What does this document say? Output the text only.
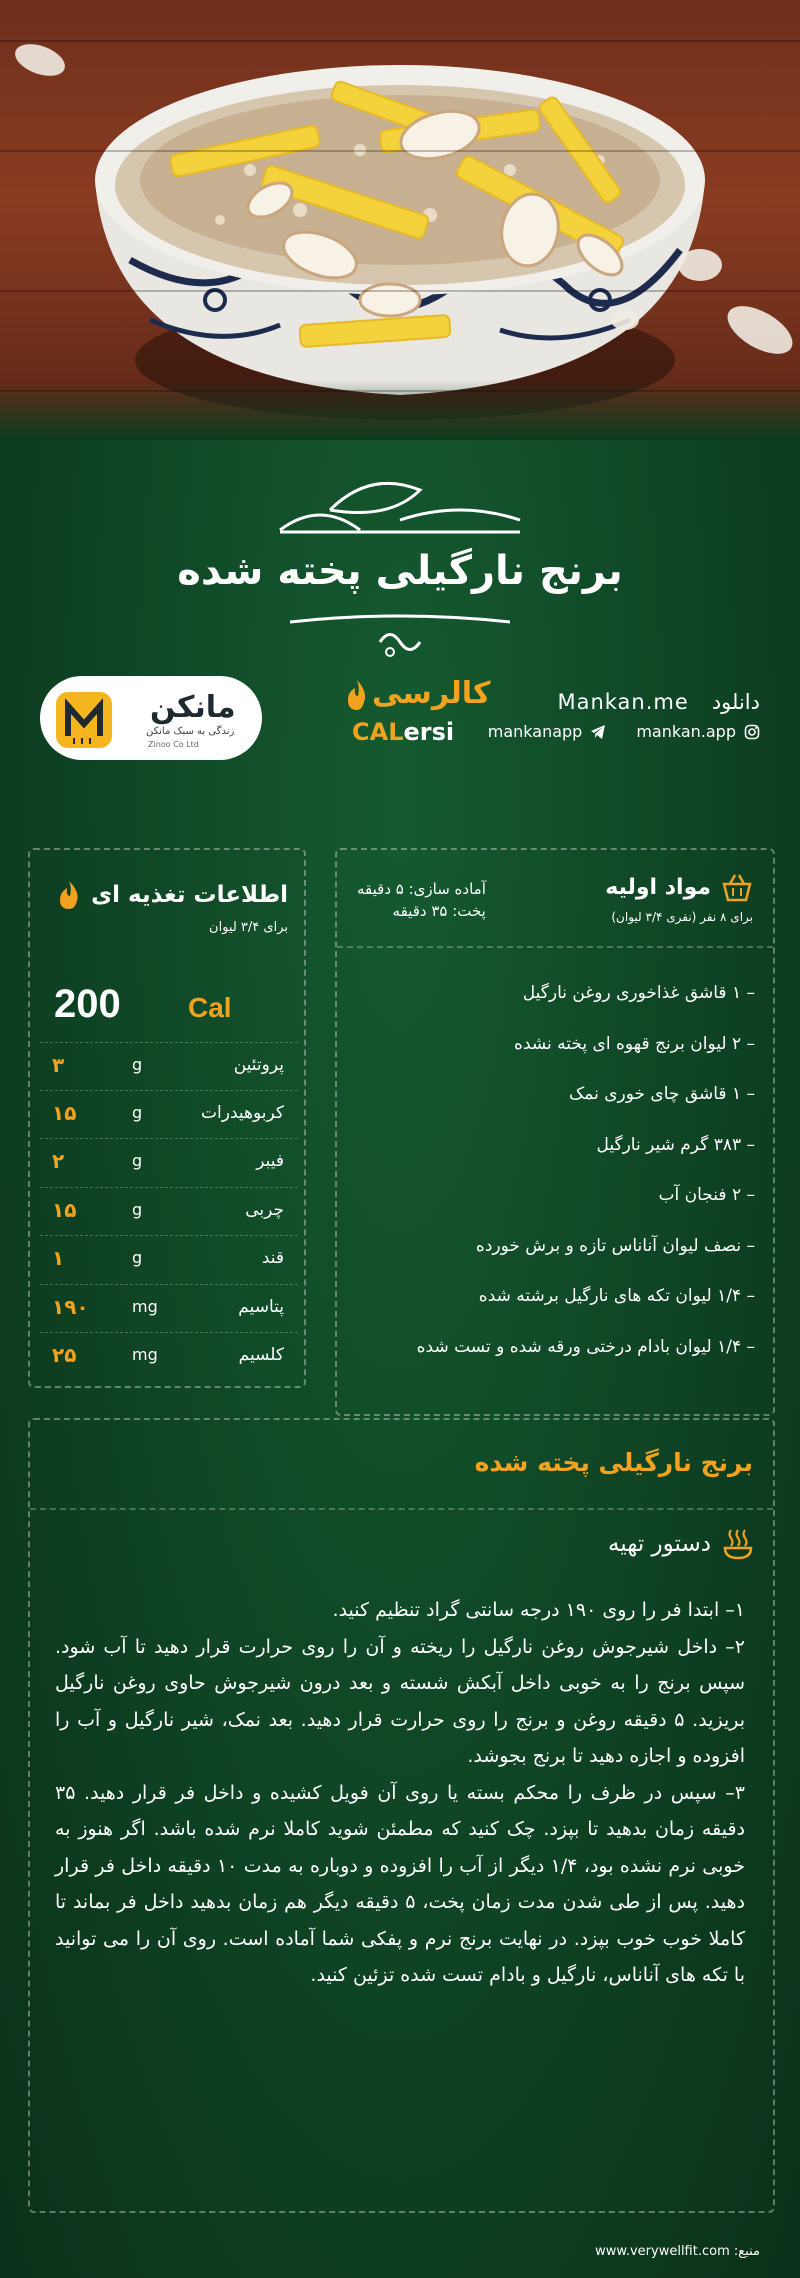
برنج نارگیلی پخته شده
مانکن
زندگی به سبک مانکن
Zinoo Co Ltd
کالرسی
CALersi
Mankan.me دانلود
mankanapp	mankan.app
مواد اولیه
برای ۸ نفر (نفری ۳/۴ لیوان)
آماده سازی: ۵ دقیقه
پخت: ۳۵ دقیقه
– ۱ قاشق غذاخوری روغن نارگیل
– ۲ لیوان برنج قهوه ای پخته نشده
– ۱ قاشق چای خوری نمک
– ۳۸۳ گرم شیر نارگیل
– ۲ فنجان آب
– نصف لیوان آناناس تازه و برش خورده
– ۱/۴ لیوان تکه های نارگیل برشته شده
– ۱/۴ لیوان بادام درختی ورقه شده و تست شده
اطلاعات تغذیه ای
برای ۳/۴ لیوان
200 Cal
پروتئین
g
۳
کربوهیدرات
g
۱۵
فیبر
g
۲
چربی
g
۱۵
قند
g
۱
پتاسیم
mg
۱۹۰
کلسیم
mg
۲۵
برنج نارگیلی پخته شده
دستور تهیه

۱– ابتدا فر را روی ۱۹۰ درجه سانتی گراد تنظیم کنید.

۲– داخل شیرجوش روغن نارگیل را ریخته و آن را روی حرارت قرار دهید تا آب شود. سپس برنج را به خوبی داخل آبکش شسته و بعد درون شیرجوش حاوی روغن نارگیل بریزید. ۵ دقیقه روغن و برنج را روی حرارت قرار دهید. بعد نمک، شیر نارگیل و آب را افزوده و اجازه دهید تا برنج بجوشد.

۳– سپس در ظرف را محکم بسته یا روی آن فویل کشیده و داخل فر قرار دهید. ۳۵ دقیقه زمان بدهید تا بپزد. چک کنید که مطمئن شوید کاملا نرم شده باشد. اگر هنوز به خوبی نرم نشده بود، ۱/۴ دیگر از آب را افزوده و دوباره به مدت ۱۰ دقیقه داخل فر قرار دهید. پس از طی شدن مدت زمان پخت، ۵ دقیقه دیگر هم زمان بدهید داخل فر بماند تا کاملا خوب خوب بپزد. در نهایت برنج نرم و پفکی شما آماده است. روی آن را می توانید با تکه های آناناس، نارگیل و بادام تست شده تزئین کنید.

منبع: www.verywellfit.com
